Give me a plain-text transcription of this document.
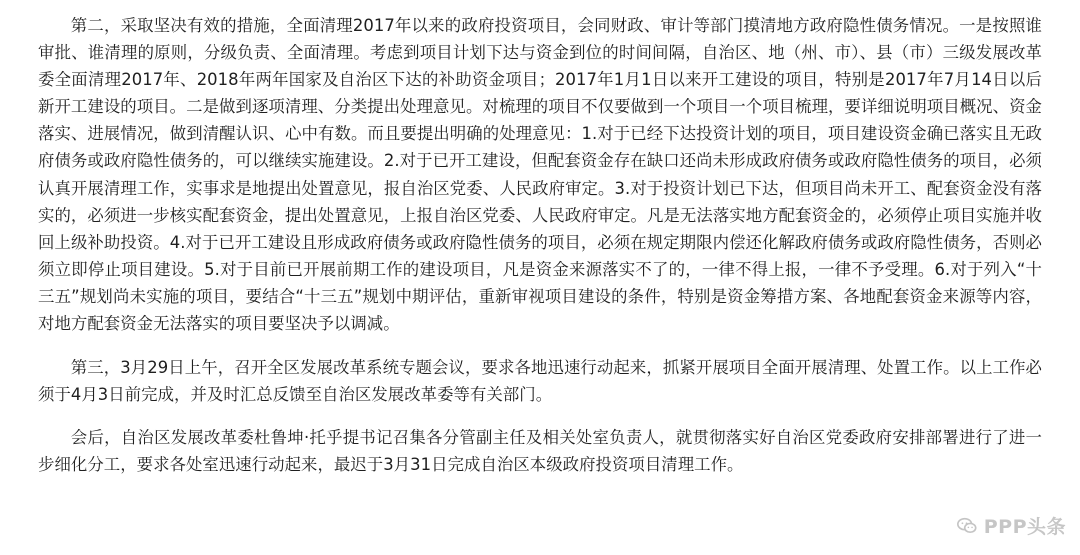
第二，采取坚决有效的措施，全面清理2017年以来的政府投资项目，会同财政、审计等部门摸清地方政府隐性债务情况。一是按照谁审批、谁清理的原则，分级负责、全面清理。考虑到项目计划下达与资金到位的时间间隔，自治区、地（州、市）、县（市）三级发展改革委全面清理2017年、2018年两年国家及自治区下达的补助资金项目；2017年1月1日以来开工建设的项目，特别是2017年7月14日以后新开工建设的项目。二是做到逐项清理、分类提出处理意见。对梳理的项目不仅要做到一个项目一个项目梳理，要详细说明项目概况、资金落实、进展情况，做到清醒认识、心中有数。而且要提出明确的处理意见：1.对于已经下达投资计划的项目，项目建设资金确已落实且无政府债务或政府隐性债务的，可以继续实施建设。2.对于已开工建设，但配套资金存在缺口还尚未形成政府债务或政府隐性债务的项目，必须认真开展清理工作，实事求是地提出处置意见，报自治区党委、人民政府审定。3.对于投资计划已下达，但项目尚未开工、配套资金没有落实的，必须进一步核实配套资金，提出处置意见，上报自治区党委、人民政府审定。凡是无法落实地方配套资金的，必须停止项目实施并收回上级补助投资。4.对于已开工建设且形成政府债务或政府隐性债务的项目，必须在规定期限内偿还化解政府债务或政府隐性债务，否则必须立即停止项目建设。5.对于目前已开展前期工作的建设项目，凡是资金来源落实不了的，一律不得上报，一律不予受理。6.对于列入“十三五”规划尚未实施的项目，要结合“十三五”规划中期评估，重新审视项目建设的条件，特别是资金筹措方案、各地配套资金来源等内容，对地方配套资金无法落实的项目要坚决予以调减。

第三，3月29日上午，召开全区发展改革系统专题会议，要求各地迅速行动起来，抓紧开展项目全面开展清理、处置工作。以上工作必须于4月3日前完成，并及时汇总反馈至自治区发展改革委等有关部门。

会后，自治区发展改革委杜鲁坤·托乎提书记召集各分管副主任及相关处室负责人，就贯彻落实好自治区党委政府安排部署进行了进一步细化分工，要求各处室迅速行动起来，最迟于3月31日完成自治区本级政府投资项目清理工作。

PPP头条
